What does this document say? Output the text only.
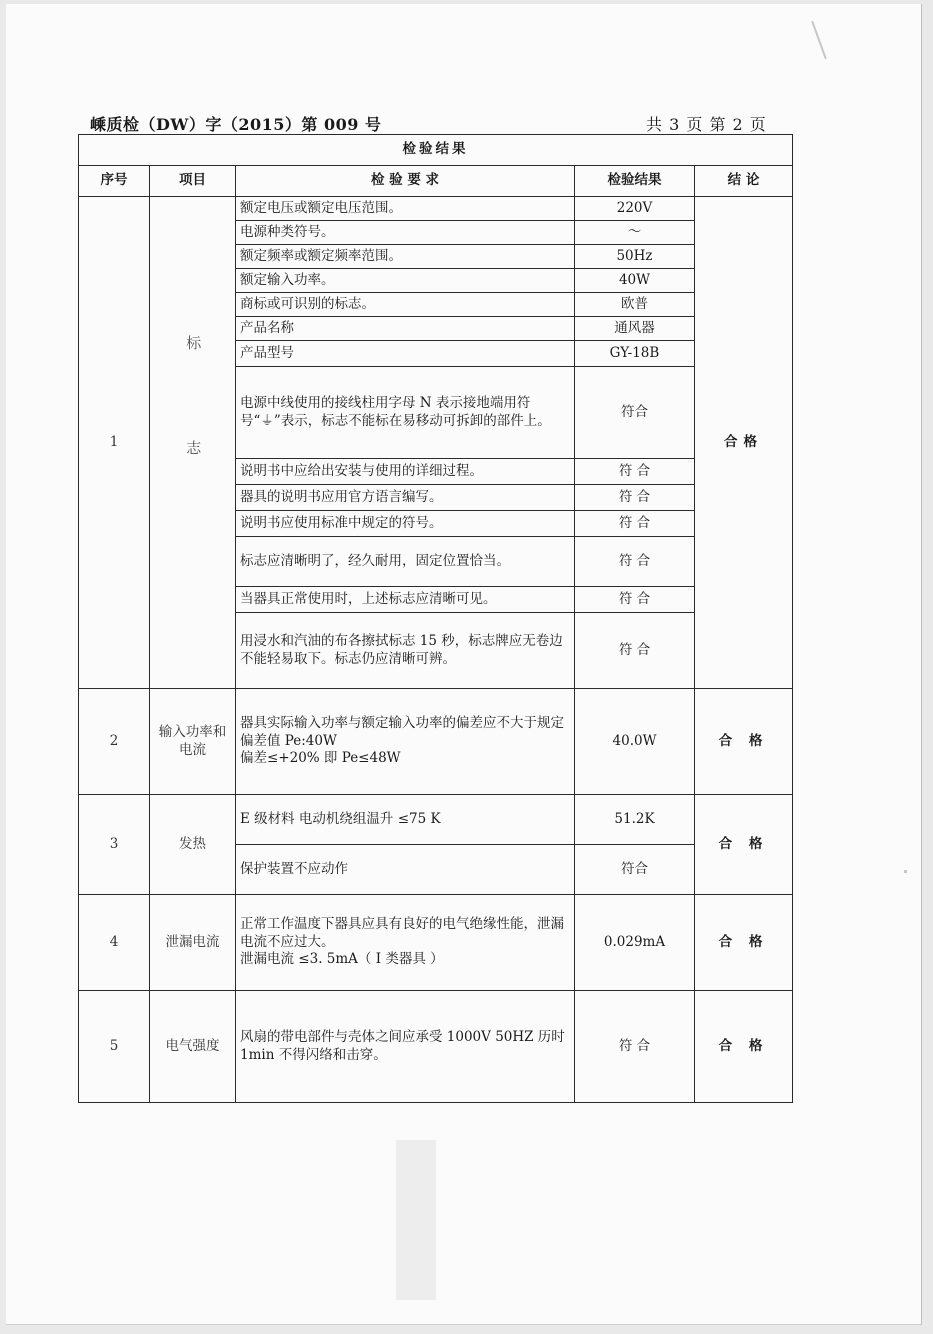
嵊质检（DW）字（2015）第 009 号	共 3 页 第 2 页
检验结果				
序号	项目	检 验 要 求	检验结果	结 论
1	标志	额定电压或额定电压范围。	220V	合格
		电源种类符号。	～	
		额定频率或额定频率范围。	50Hz	
		额定输入功率。	40W	
		商标或可识别的标志。	欧普	
		产品名称	通风器	
		产品型号	GY-18B	
		电源中线使用的接线柱用字母 N 表示接地端用符号“⏚”表示，标志不能标在易移动可拆卸的部件上。	符合	
		说明书中应给出安装与使用的详细过程。	符 合	
		器具的说明书应用官方语言编写。	符 合	
		说明书应使用标准中规定的符号。	符 合	
		标志应清晰明了，经久耐用，固定位置恰当。	符 合	
		当器具正常使用时，上述标志应清晰可见。	符 合	
		用浸水和汽油的布各擦拭标志 15 秒，标志牌应无卷边不能轻易取下。标志仍应清晰可辨。	符 合	
2	输入功率和电流	器具实际输入功率与额定输入功率的偏差应不大于规定偏差值 Pe:40W
偏差≤+20% 即 Pe≤48W	40.0W	合 格
3	发热	E 级材料 电动机绕组温升 ≤75 K	51.2K	合 格
		保护装置不应动作	符合	
4	泄漏电流	正常工作温度下器具应具有良好的电气绝缘性能，泄漏电流不应过大。
泄漏电流 ≤3. 5mA（ I 类器具 ）	0.029mA	合 格
5	电气强度	风扇的带电部件与壳体之间应承受 1000V 50HZ 历时 1min 不得闪络和击穿。	符 合	合 格
